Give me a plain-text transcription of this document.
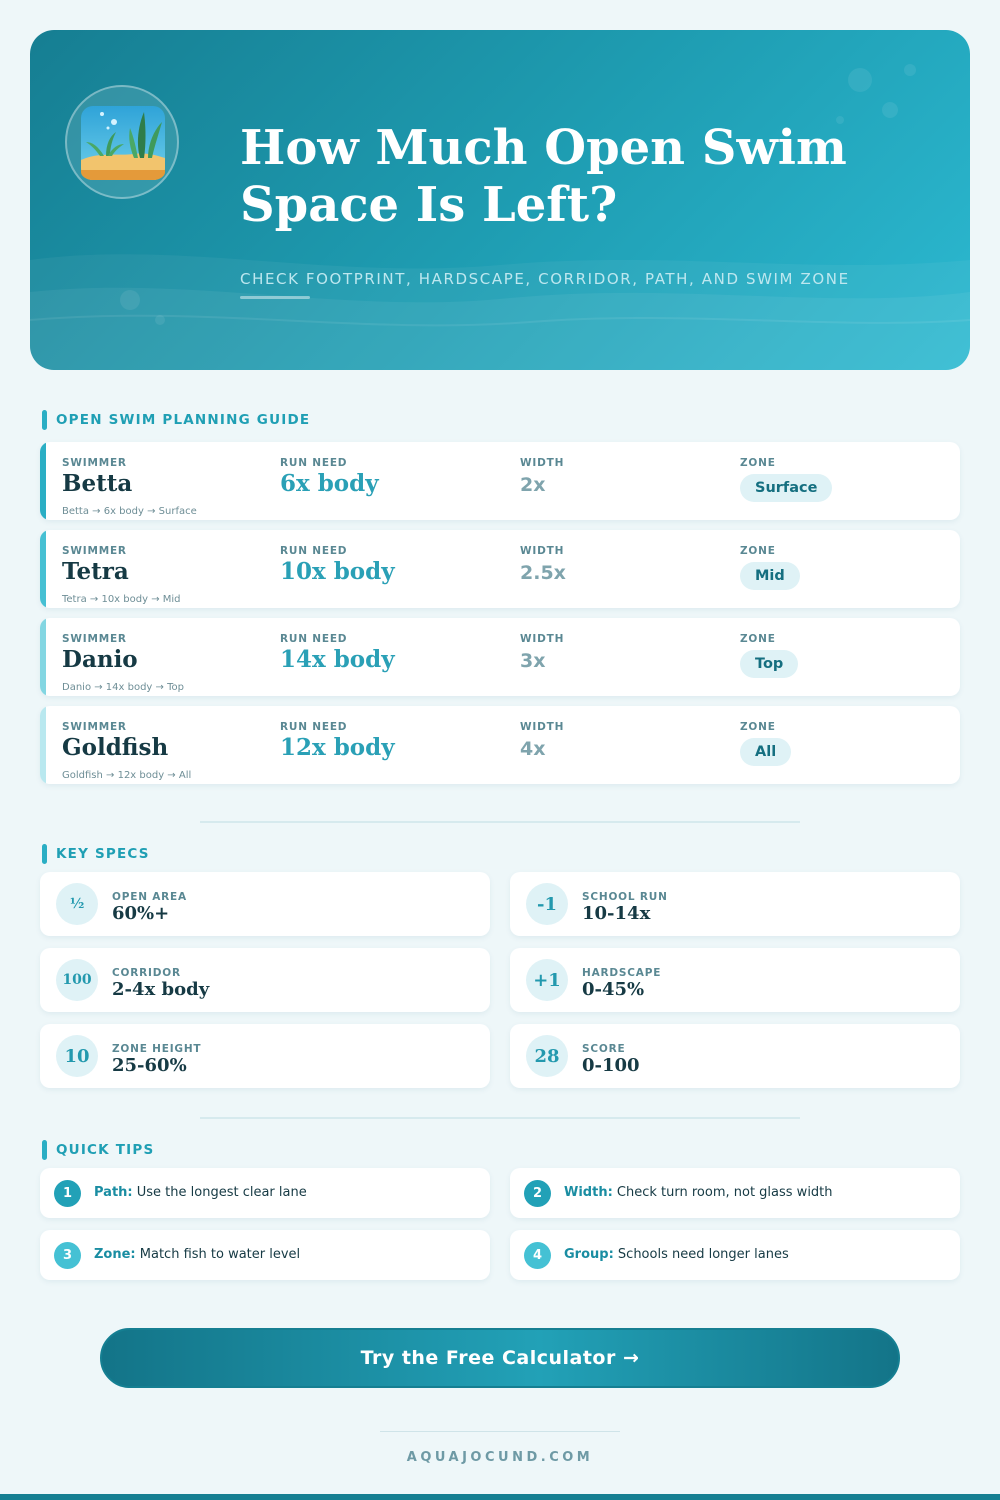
How Much Open Swim
Space Is Left?
CHECK FOOTPRINT, HARDSCAPE, CORRIDOR, PATH, AND SWIM ZONE
OPEN SWIM PLANNING GUIDE
SWIMMER	RUN NEED	WIDTH	ZONE
Betta	6x body	2x	Surface
Betta → 6x body → Surface
SWIMMER	RUN NEED	WIDTH	ZONE
Tetra	10x body	2.5x	Mid
Tetra → 10x body → Mid
SWIMMER	RUN NEED	WIDTH	ZONE
Danio	14x body	3x	Top
Danio → 14x body → Top
SWIMMER	RUN NEED	WIDTH	ZONE
Goldfish	12x body	4x	All
Goldfish → 12x body → All
KEY SPECS
½	OPEN AREA
60%+	-1	SCHOOL RUN
10-14x
100	CORRIDOR
2-4x body	+1	HARDSCAPE
0-45%
10	ZONE HEIGHT
25-60%	28	SCORE
0-100
QUICK TIPS
1	Path: Use the longest clear lane	2	Width: Check turn room, not glass width
3	Zone: Match fish to water level	4	Group: Schools need longer lanes
Try the Free Calculator →
AQUAJOCUND.COM
